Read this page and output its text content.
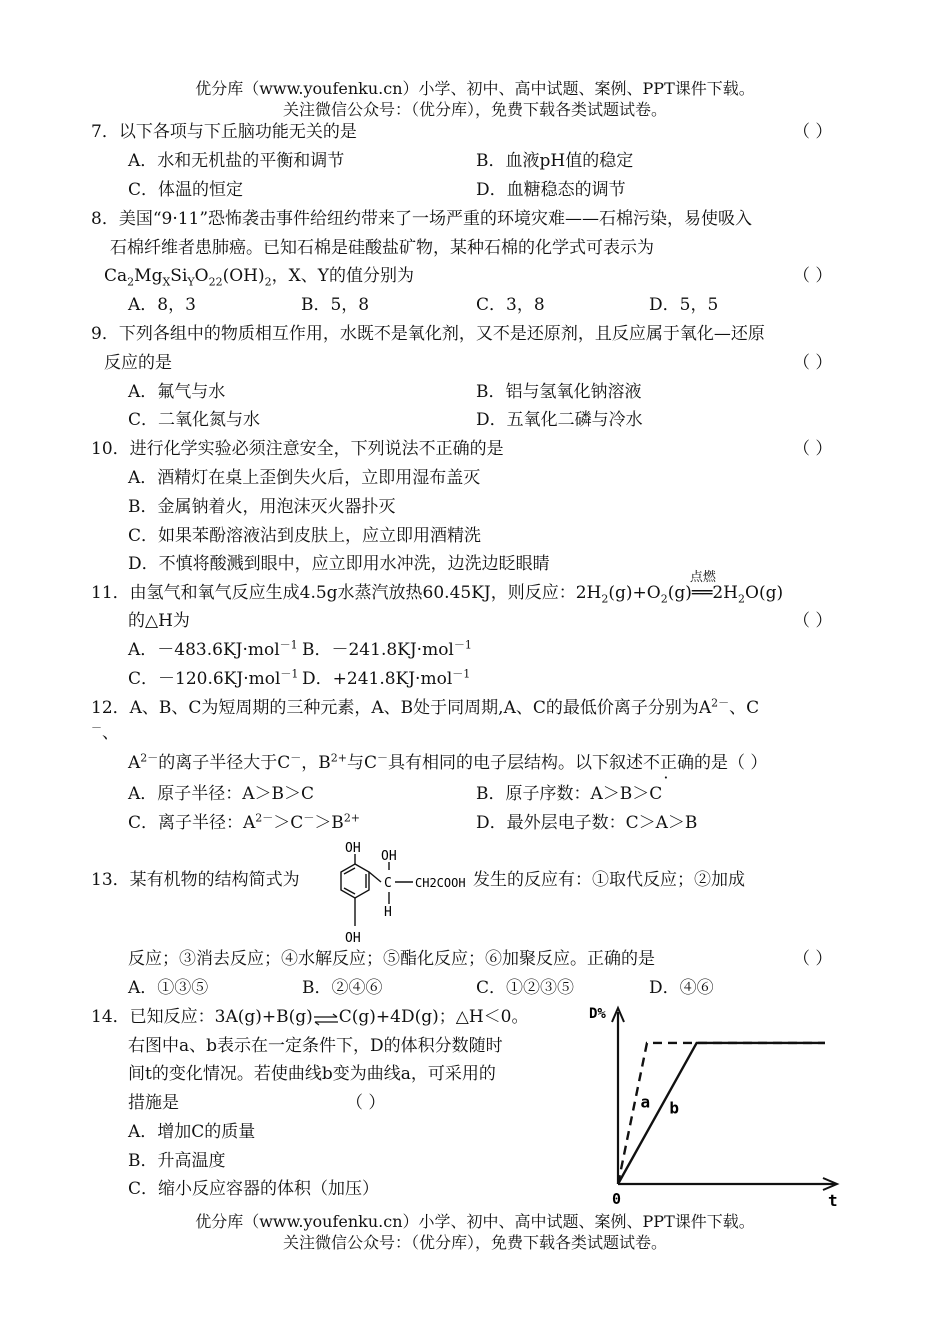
优分库（www.youfenku.cn）小学、初中、高中试题、案例、PPT课件下载。
关注微信公众号：（优分库），免费下载各类试题试卷。
7．以下各项与下丘脑功能无关的是	（ ）
A．水和无机盐的平衡和调节	B．血液pH值的稳定
C．体温的恒定	D．血糖稳态的调节
8．美国“9·11”恐怖袭击事件给纽约带来了一场严重的环境灾难——石棉污染，易使吸入
石棉纤维者患肺癌。已知石棉是硅酸盐矿物，某种石棉的化学式可表示为
$Ca_2Mg_XSi_YO_{22}(OH)_2$，X、Y的值分别为	（ ）
A．8，3	B．5，8	C．3，8	D．5，5
9．下列各组中的物质相互作用，水既不是氧化剂，又不是还原剂，且反应属于氧化—还原
反应的是	（ ）
A．氟气与水	B．铝与氢氧化钠溶液
C．二氧化氮与水	D．五氧化二磷与冷水
10．进行化学实验必须注意安全，下列说法不正确的是	（ ）
A．酒精灯在桌上歪倒失火后，立即用湿布盖灭
B．金属钠着火，用泡沫灭火器扑灭
C．如果苯酚溶液沾到皮肤上，应立即用酒精洗
D．不慎将酸溅到眼中，应立即用水冲洗，边洗边眨眼睛
11．由氢气和氧气反应生成4.5g水蒸汽放热60.45KJ，则反应：$2H_2(g)+O_2(g)$
点燃
$══2H_2O(g)$
的△H为	（ ）
A．－483.6KJ·mol$^{-1}$ B．－241.8KJ·mol$^{-1}$
C．－120.6KJ·mol$^{-1}$ D．+241.8KJ·mol$^{-1}$
12．A、B、C为短周期的三种元素，A、B处于同周期,A、C的最低价离子分别为$A^{2-}$、C
－、
$A^{2-}$的离子半径大于C－，$B^{2+}$与C－具有相同的电子层结构。以下叙述不正确的是（ ）
A．原子半径：A＞B＞C	B．原子序数：A＞B＞C
C．离子半径：$A^{2-}>C^->B^{2+}$	D．最外层电子数：C＞A＞B
13．某有机物的结构简式为
OH
OH
C
H
CH2COOH
OH
发生的反应有：①取代反应；②加成
反应；③消去反应；④水解反应；⑤酯化反应；⑥加聚反应。正确的是	（ ）
A．①③⑤	B．②④⑥	C．①②③⑤	D．④⑥
14．已知反应：3A(g)+B(g) C(g)+4D(g)；△H＜0。
右图中a、b表示在一定条件下，D的体积分数随时
间t的变化情况。若使曲线b变为曲线a，可采用的
措施是	（ ）
A．增加C的质量
B．升高温度
C．缩小反应容器的体积（加压）
D%
t
0
a b
优分库（www.youfenku.cn）小学、初中、高中试题、案例、PPT课件下载。
关注微信公众号：（优分库），免费下载各类试题试卷。
